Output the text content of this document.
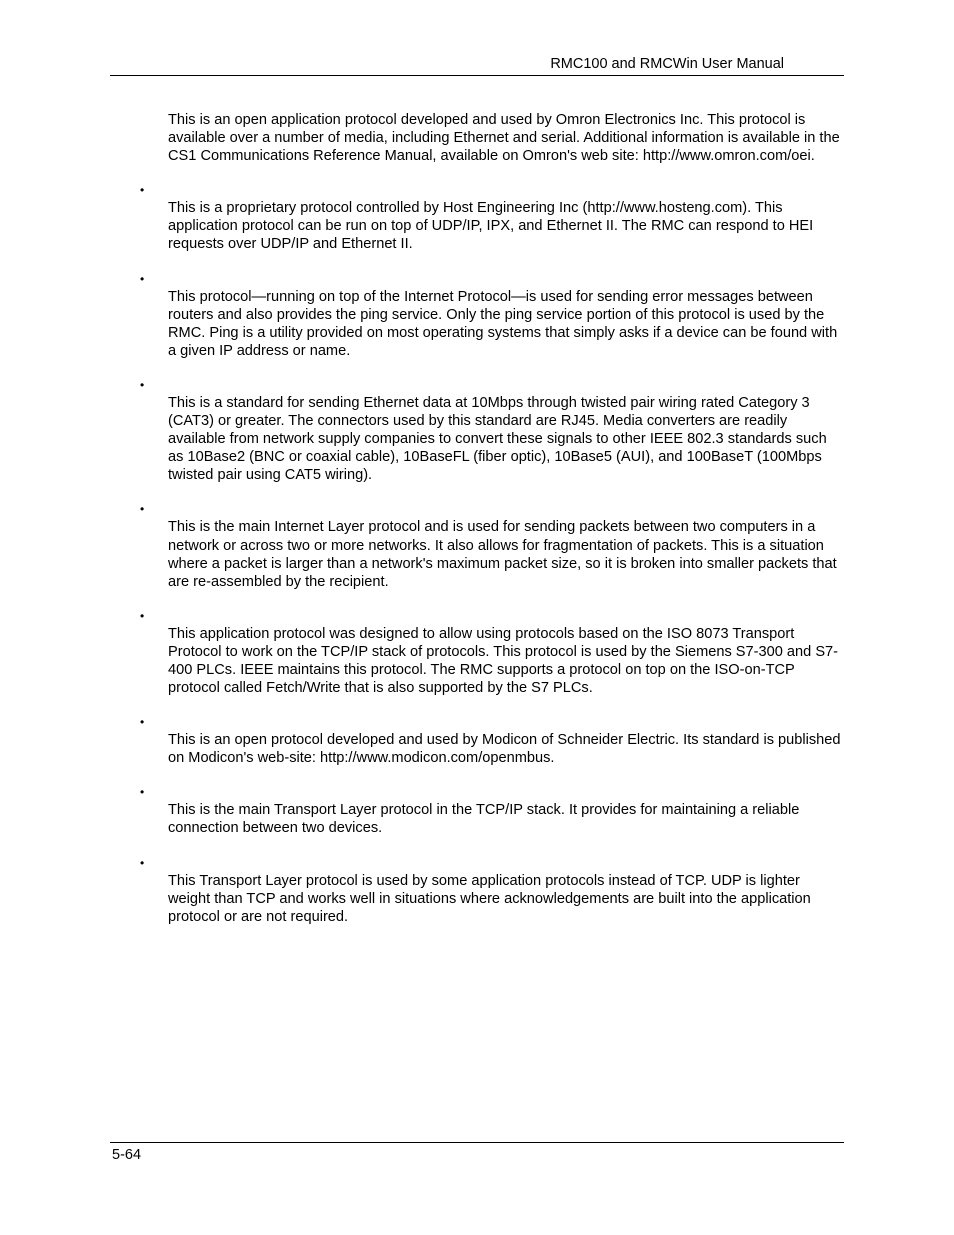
RMC100 and RMCWin User Manual

This is an open application protocol developed and used by Omron Electronics Inc. This protocol is available over a number of media, including Ethernet and serial. Additional information is available in the CS1 Communications Reference Manual, available on Omron's web site: http://www.omron.com/oei.

•

This is a proprietary protocol controlled by Host Engineering Inc (http://www.hosteng.com). This application protocol can be run on top of UDP/IP, IPX, and Ethernet II. The RMC can respond to HEI requests over UDP/IP and Ethernet II.

•

This protocol—running on top of the Internet Protocol—is used for sending error messages between routers and also provides the ping service. Only the ping service portion of this protocol is used by the RMC. Ping is a utility provided on most operating systems that simply asks if a device can be found with a given IP address or name.

•

This is a standard for sending Ethernet data at 10Mbps through twisted pair wiring rated Category 3 (CAT3) or greater. The connectors used by this standard are RJ45. Media converters are readily available from network supply companies to convert these signals to other IEEE 802.3 standards such as 10Base2 (BNC or coaxial cable), 10BaseFL (fiber optic), 10Base5 (AUI), and 100BaseT (100Mbps twisted pair using CAT5 wiring).

•

This is the main Internet Layer protocol and is used for sending packets between two computers in a network or across two or more networks. It also allows for fragmentation of packets. This is a situation where a packet is larger than a network's maximum packet size, so it is broken into smaller packets that are re-assembled by the recipient.

•

This application protocol was designed to allow using protocols based on the ISO 8073 Transport Protocol to work on the TCP/IP stack of protocols. This protocol is used by the Siemens S7-300 and S7-400 PLCs. IEEE maintains this protocol. The RMC supports a protocol on top on the ISO-on-TCP protocol called Fetch/Write that is also supported by the S7 PLCs.

•

This is an open protocol developed and used by Modicon of Schneider Electric. Its standard is published on Modicon's web-site: http://www.modicon.com/openmbus.

•

This is the main Transport Layer protocol in the TCP/IP stack. It provides for maintaining a reliable connection between two devices.

•

This Transport Layer protocol is used by some application protocols instead of TCP. UDP is lighter weight than TCP and works well in situations where acknowledgements are built into the application protocol or are not required.

5-64
